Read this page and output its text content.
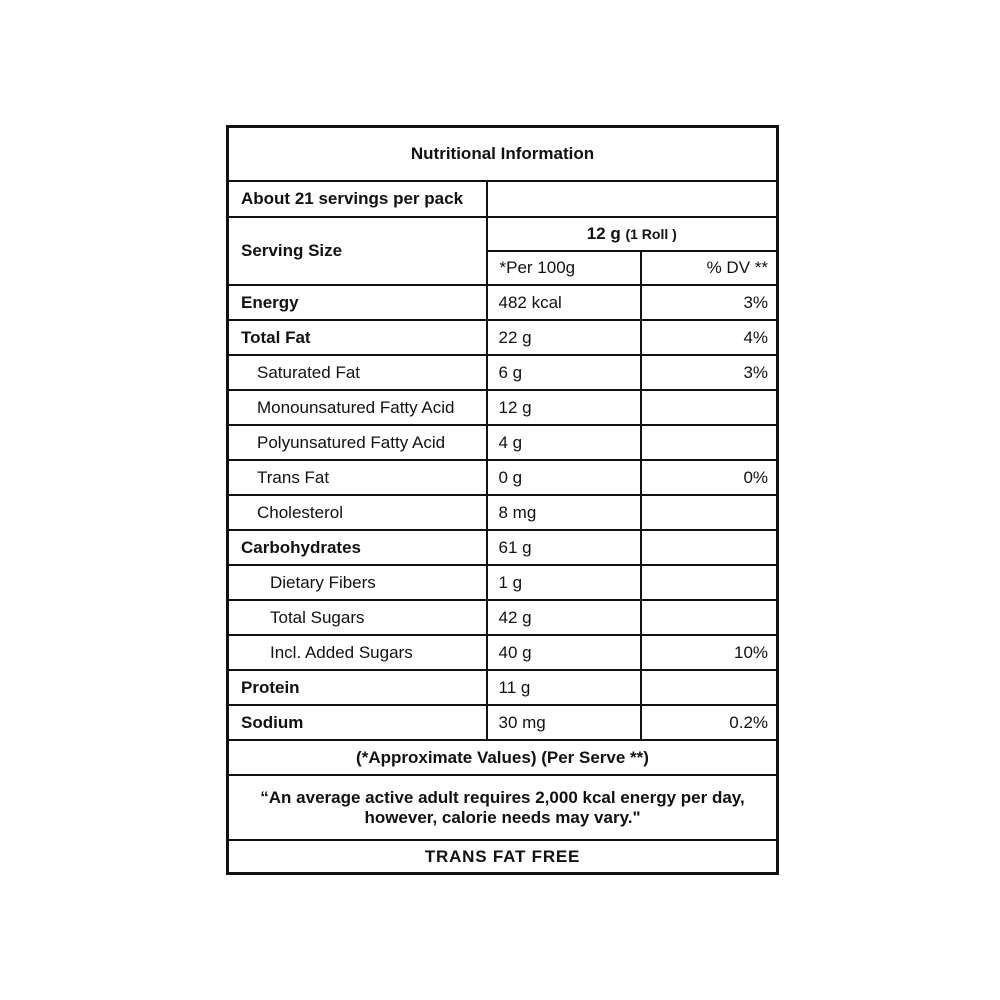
Nutritional Information		
About 21 servings per pack		
Serving Size	12 g (1 Roll )	
	*Per 100g	% DV **
Energy	482 kcal	3%
Total Fat	22 g	4%
Saturated Fat	6 g	3%
Monounsatured Fatty Acid	12 g	
Polyunsatured Fatty Acid	4 g	
Trans Fat	0 g	0%
Cholesterol	8 mg	
Carbohydrates	61 g	
Dietary Fibers	1 g	
Total Sugars	42 g	
Incl. Added Sugars	40 g	10%
Protein	11 g	
Sodium	30 mg	0.2%
(*Approximate Values) (Per Serve **)		
“An average active adult requires 2,000 kcal energy per day, however, calorie needs may vary."		
TRANS FAT FREE		
